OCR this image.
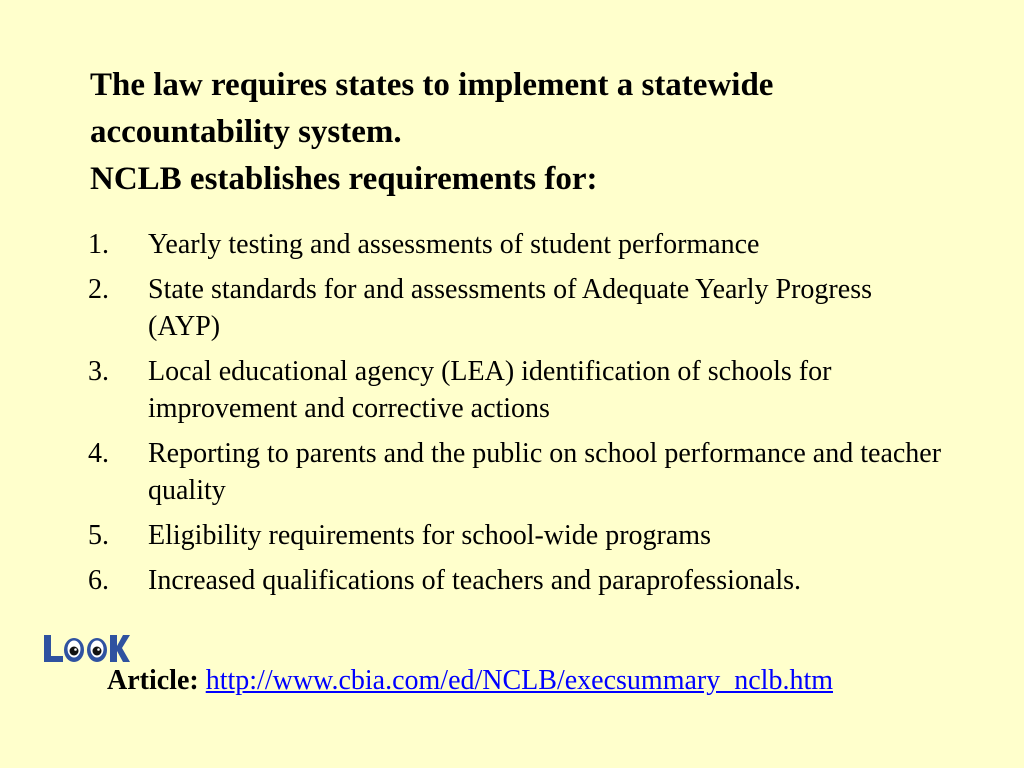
The law requires states to implement a statewide
accountability system.
NCLB establishes requirements for:
1. Yearly testing and assessments of student performance
2. State standards for and assessments of Adequate Yearly Progress (AYP)
3. Local educational agency (LEA) identification of schools for improvement and corrective actions
4. Reporting to parents and the public on school performance and teacher quality
5. Eligibility requirements for school-wide programs
6. Increased qualifications of teachers and paraprofessionals.
Article: http://www.cbia.com/ed/NCLB/execsummary_nclb.htm
